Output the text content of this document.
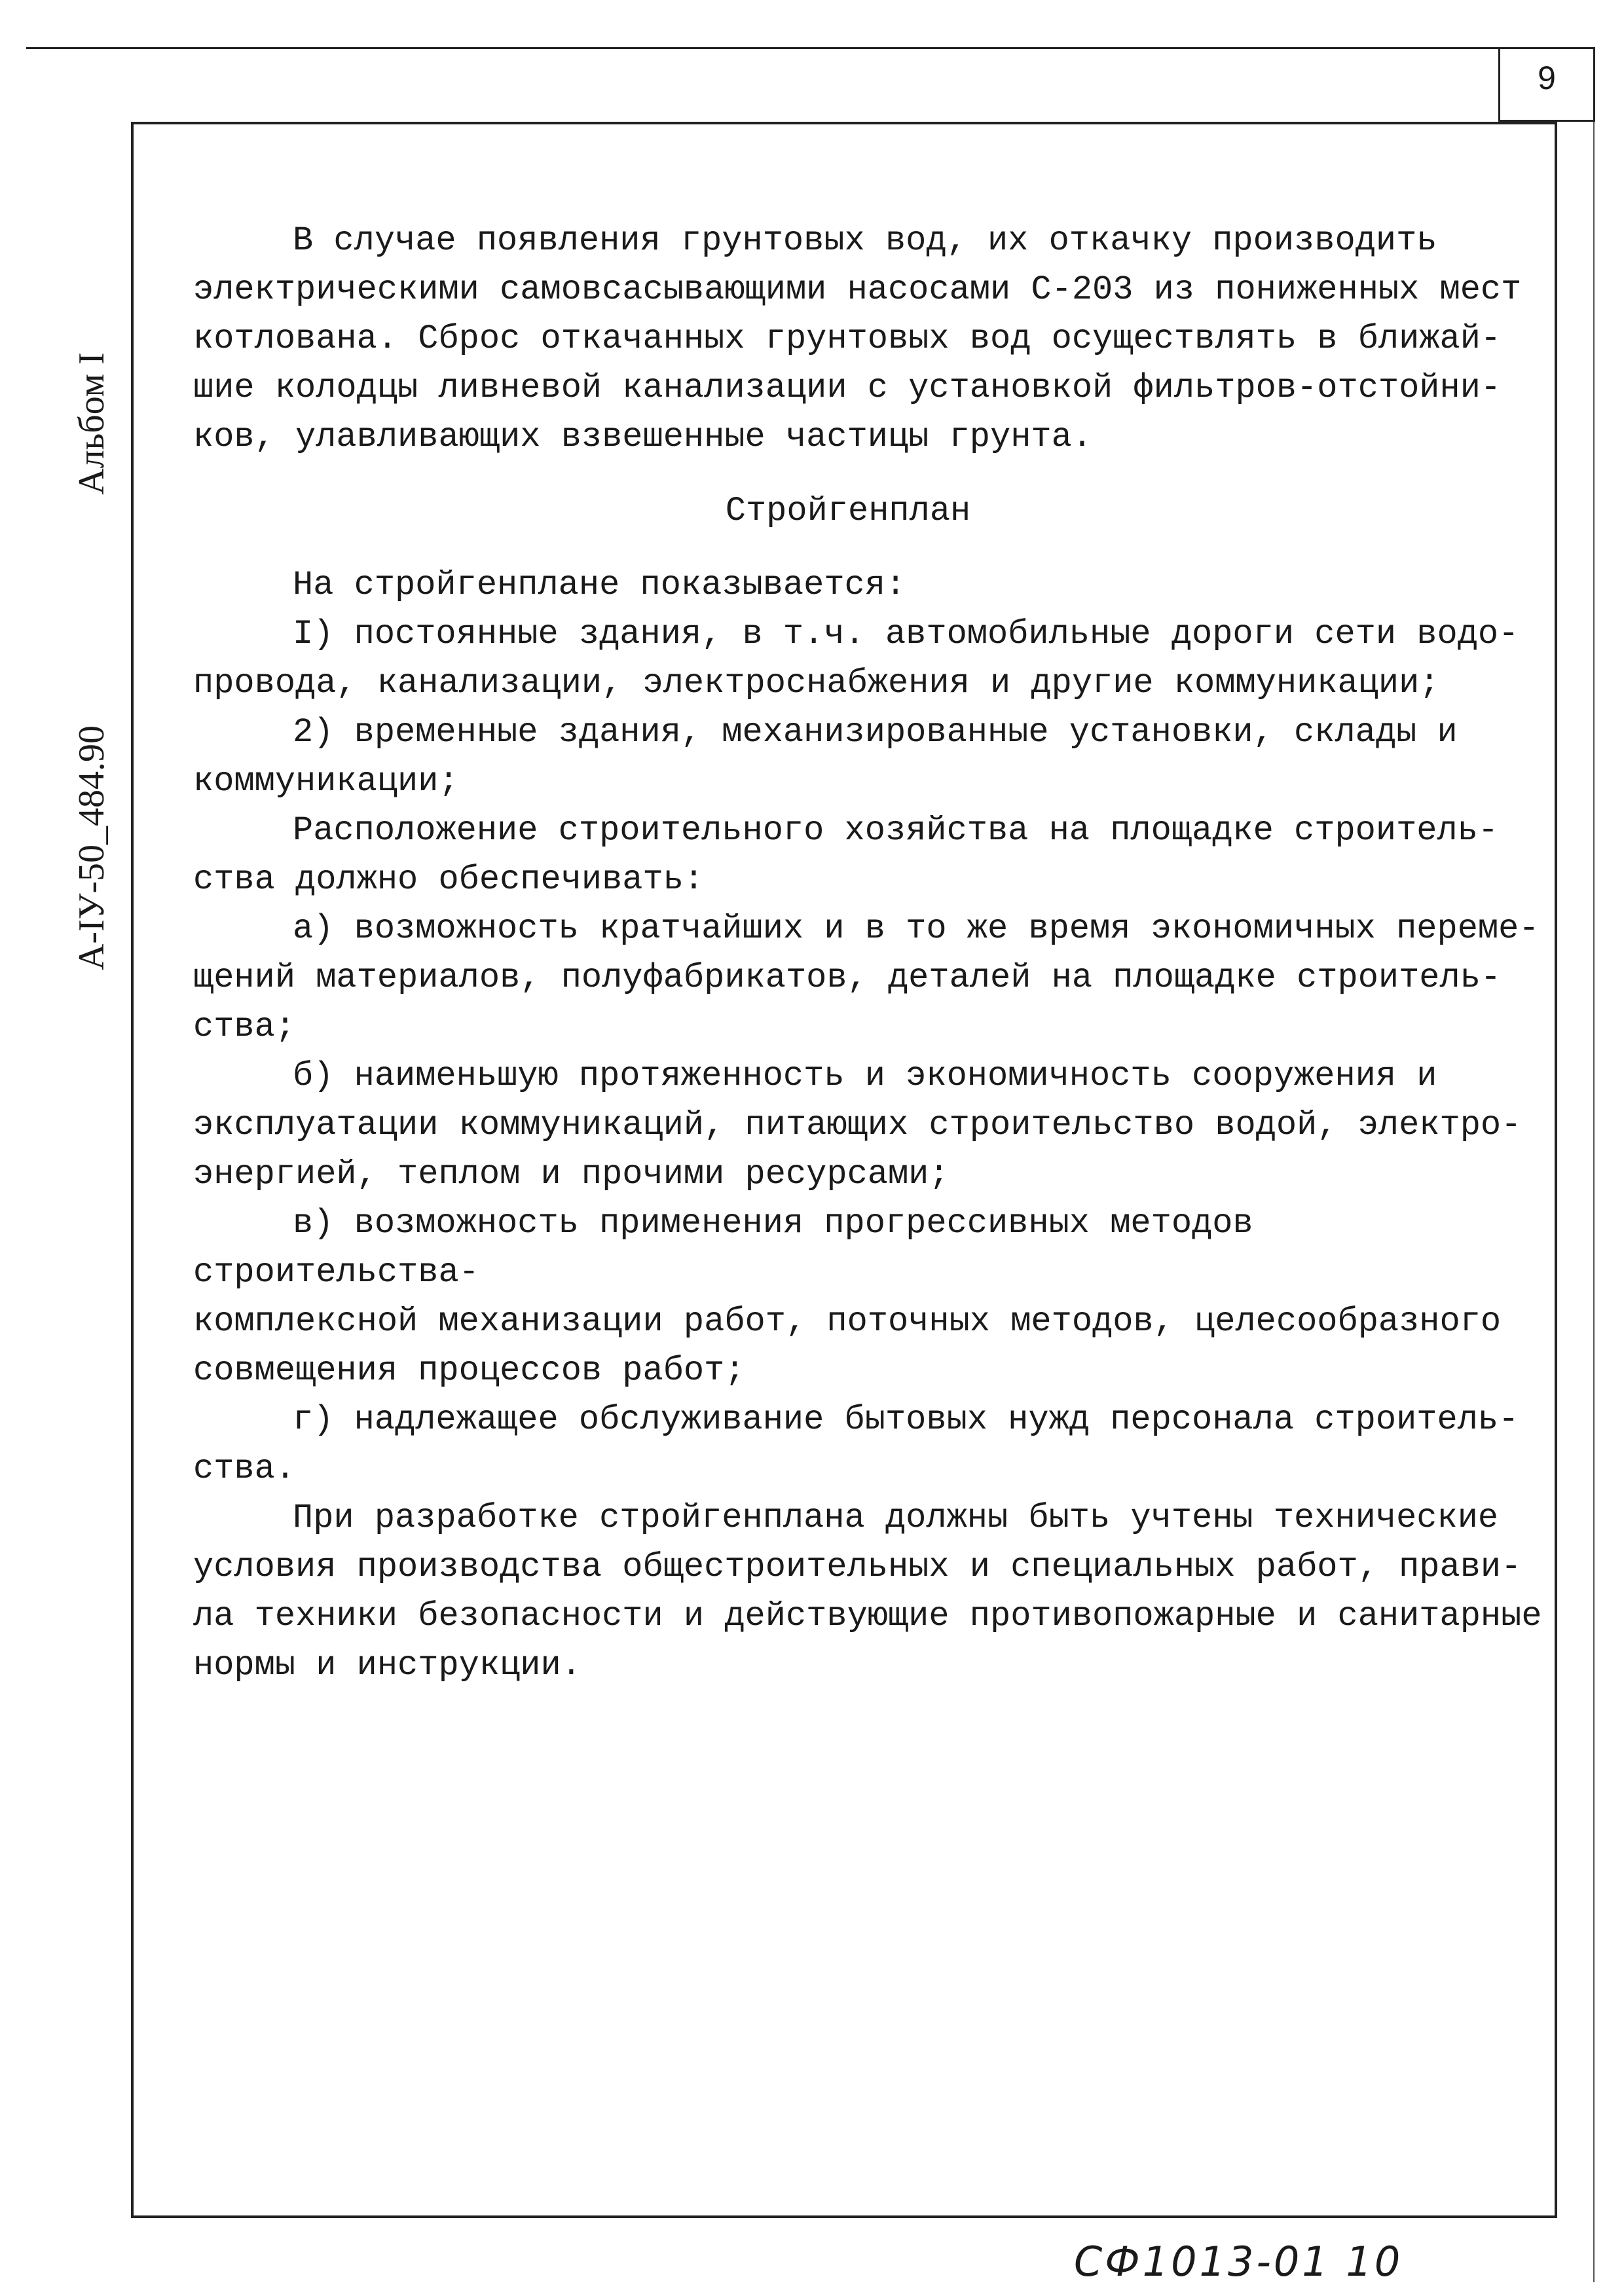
9
Альбом I
А-IУ-50_484.90

В случае появления грунтовых вод, их откачку производить

электрическими самовсасывающими насосами С-203 из пониженных мест

котлована. Сброс откачанных грунтовых вод осуществлять в ближай-

шие колодцы ливневой канализации с установкой фильтров-отстойни-

ков, улавливающих взвешенные частицы грунта.

Стройгенплан

На стройгенплане показывается:

I) постоянные здания, в т.ч. автомобильные дороги сети водо-

провода, канализации, электроснабжения и другие коммуникации;

2) временные здания, механизированные установки, склады и

коммуникации;

Расположение строительного хозяйства на площадке строитель-

ства должно обеспечивать:

а) возможность кратчайших и в то же время экономичных переме-

щений материалов, полуфабрикатов, деталей на площадке строитель-

ства;

б) наименьшую протяженность и экономичность сооружения и

эксплуатации коммуникаций, питающих строительство водой, электро-

энергией, теплом и прочими ресурсами;

в) возможность применения прогрессивных методов строительства-

комплексной механизации работ, поточных методов, целесообразного

совмещения процессов работ;

г) надлежащее обслуживание бытовых нужд персонала строитель-

ства.

При разработке стройгенплана должны быть учтены технические

условия производства общестроительных и специальных работ, прави-

ла техники безопасности и действующие противопожарные и санитарные

нормы и инструкции.

СФ1013-01 10
